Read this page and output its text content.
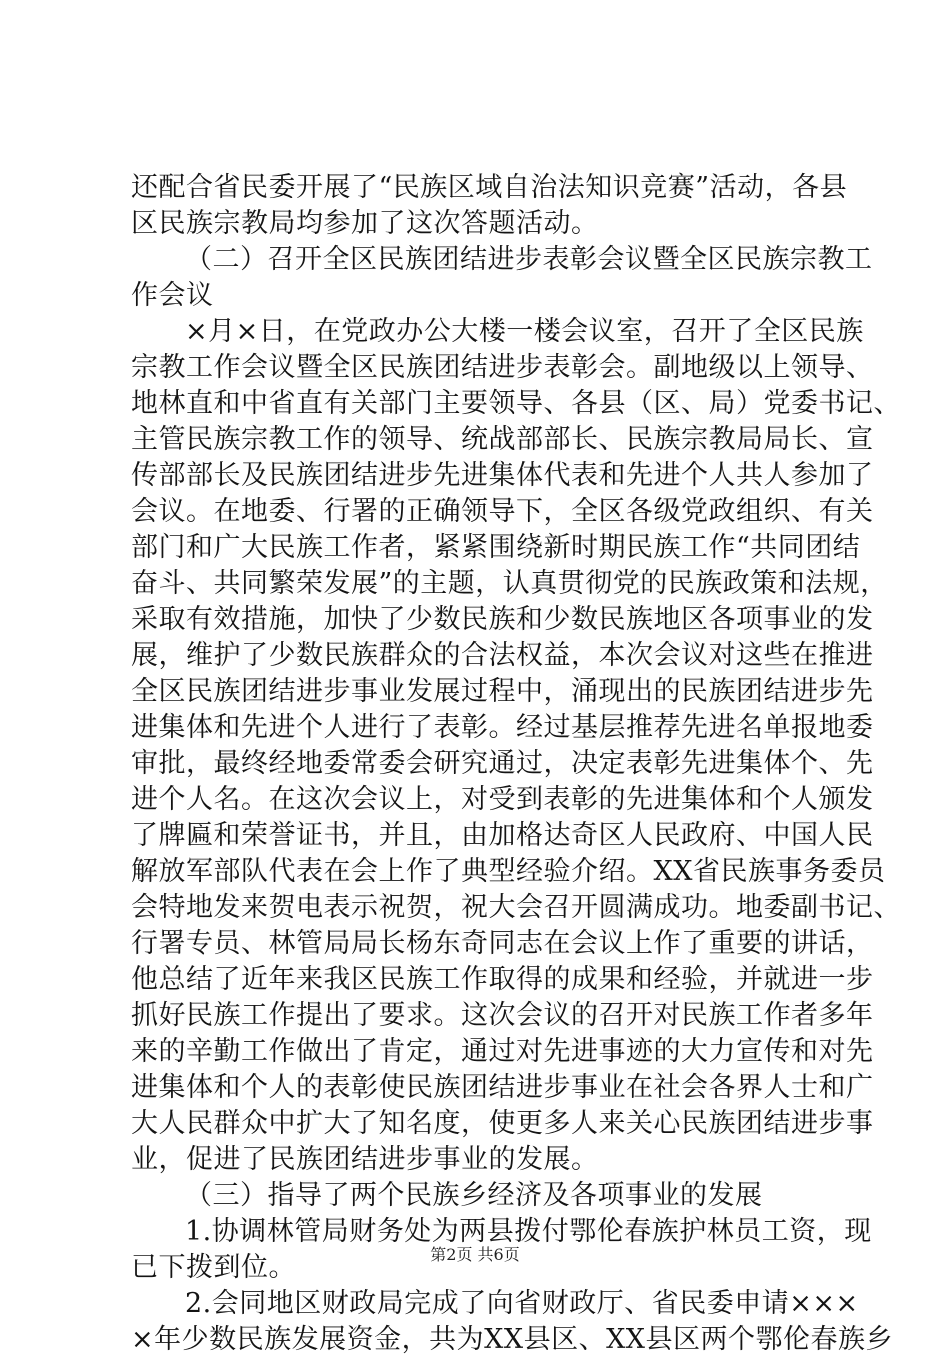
还配合省民委开展了“民族区域自治法知识竞赛”活动，各县
区民族宗教局均参加了这次答题活动。
（二）召开全区民族团结进步表彰会议暨全区民族宗教工
作会议
×月×日，在党政办公大楼一楼会议室，召开了全区民族
宗教工作会议暨全区民族团结进步表彰会。副地级以上领导、
地林直和中省直有关部门主要领导、各县（区、局）党委书记、
主管民族宗教工作的领导、统战部部长、民族宗教局局长、宣
传部部长及民族团结进步先进集体代表和先进个人共人参加了
会议。在地委、行署的正确领导下，全区各级党政组织、有关
部门和广大民族工作者，紧紧围绕新时期民族工作“共同团结
奋斗、共同繁荣发展”的主题，认真贯彻党的民族政策和法规，
采取有效措施，加快了少数民族和少数民族地区各项事业的发
展，维护了少数民族群众的合法权益，本次会议对这些在推进
全区民族团结进步事业发展过程中，涌现出的民族团结进步先
进集体和先进个人进行了表彰。经过基层推荐先进名单报地委
审批，最终经地委常委会研究通过，决定表彰先进集体个、先
进个人名。在这次会议上，对受到表彰的先进集体和个人颁发
了牌匾和荣誉证书，并且，由加格达奇区人民政府、中国人民
解放军部队代表在会上作了典型经验介绍。XX省民族事务委员
会特地发来贺电表示祝贺，祝大会召开圆满成功。地委副书记、
行署专员、林管局局长杨东奇同志在会议上作了重要的讲话，
他总结了近年来我区民族工作取得的成果和经验，并就进一步
抓好民族工作提出了要求。这次会议的召开对民族工作者多年
来的辛勤工作做出了肯定，通过对先进事迹的大力宣传和对先
进集体和个人的表彰使民族团结进步事业在社会各界人士和广
大人民群众中扩大了知名度，使更多人来关心民族团结进步事
业，促进了民族团结进步事业的发展。
（三）指导了两个民族乡经济及各项事业的发展
1.协调林管局财务处为两县拨付鄂伦春族护林员工资，现
已下拨到位。
2.会同地区财政局完成了向省财政厅、省民委申请×××
×年少数民族发展资金，共为XX县区、XX县区两个鄂伦春族乡
第2页 共6页
